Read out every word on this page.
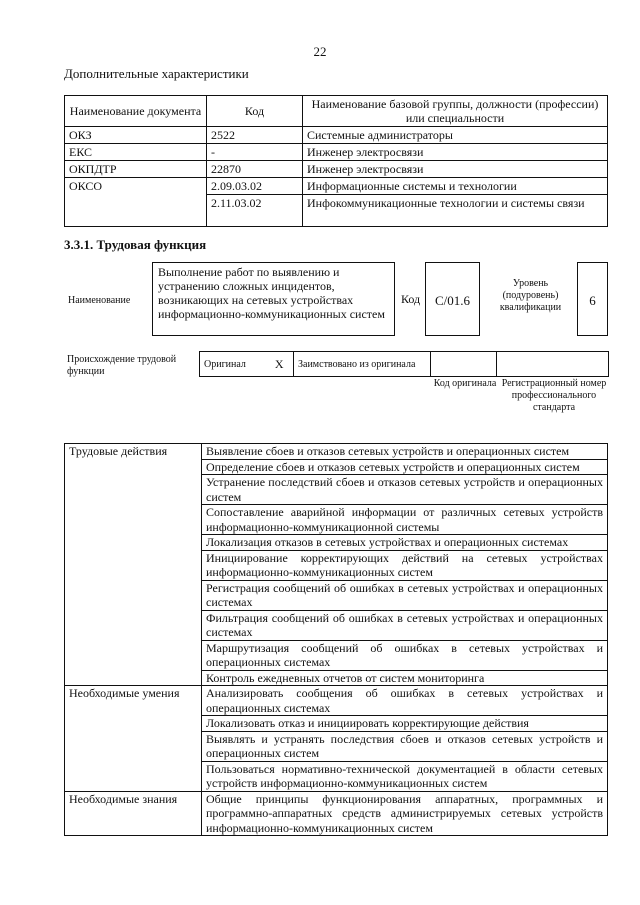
22
Дополнительные характеристики
Наименование документа	Код	Наименование базовой группы, должности (профессии) или специальности
ОКЗ	2522	Системные администраторы
ЕКС	-	Инженер электросвязи
ОКПДТР	22870	Инженер электросвязи
ОКСО	2.09.03.02	Информационные системы и технологии
	2.11.03.02	Инфокоммуникационные технологии и системы связи
3.3.1. Трудовая функция
Наименование
Выполнение работ по выявлению и устранению сложных инцидентов, возникающих на сетевых устройствах информационно-коммуникационных систем
Код	C/01.6
Уровень (подуровень) квалификации	6
Происхождение трудовой функции
Оригинал	X	Заимствовано из оригинала		
Код оригинала Регистрационный номер профессионального стандарта
Трудовые действия	Выявление сбоев и отказов сетевых устройств и операционных систем
	Определение сбоев и отказов сетевых устройств и операционных систем
	Устранение последствий сбоев и отказов сетевых устройств и операционных систем
	Сопоставление аварийной информации от различных сетевых устройств информационно-коммуникационной системы
	Локализация отказов в сетевых устройствах и операционных системах
	Инициирование корректирующих действий на сетевых устройствах информационно-коммуникационных систем
	Регистрация сообщений об ошибках в сетевых устройствах и операционных системах
	Фильтрация сообщений об ошибках в сетевых устройствах и операционных системах
	Маршрутизация сообщений об ошибках в сетевых устройствах и операционных системах
	Контроль ежедневных отчетов от систем мониторинга
Необходимые умения	Анализировать сообщения об ошибках в сетевых устройствах и операционных системах
	Локализовать отказ и инициировать корректирующие действия
	Выявлять и устранять последствия сбоев и отказов сетевых устройств и операционных систем
	Пользоваться нормативно-технической документацией в области сетевых устройств информационно-коммуникационных систем
Необходимые знания	Общие принципы функционирования аппаратных, программных и программно-аппаратных средств администрируемых сетевых устройств информационно-коммуникационных систем
